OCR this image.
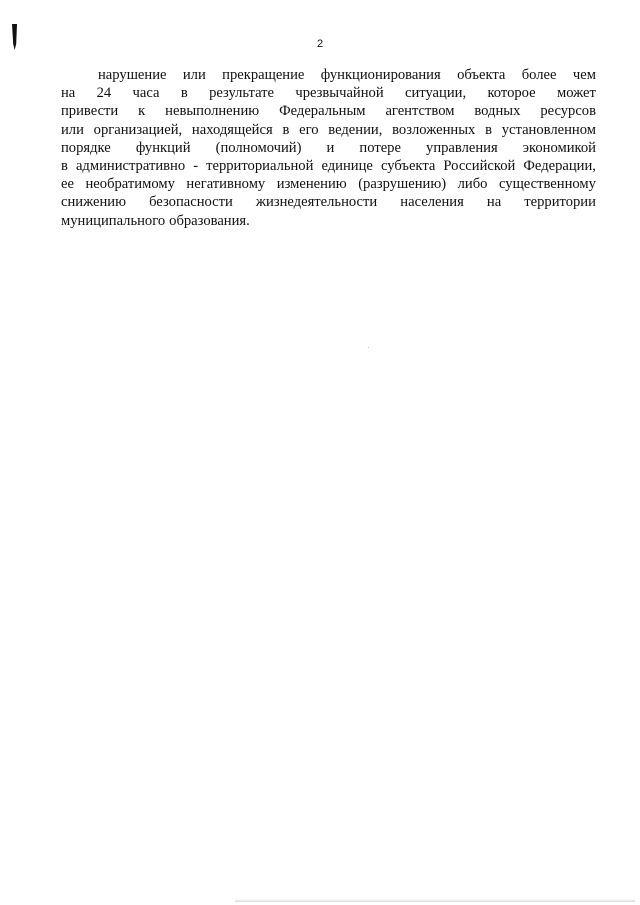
2
нарушение или прекращение функционирования объекта более чем
на 24 часа в результате чрезвычайной ситуации, которое может
привести к невыполнению Федеральным агентством водных ресурсов
или организацией, находящейся в его ведении, возложенных в установленном
порядке функций (полномочий) и потере управления экономикой
в административно - территориальной единице субъекта Российской Федерации,
ее необратимому негативному изменению (разрушению) либо существенному
снижению безопасности жизнедеятельности населения на территории
муниципального образования.
